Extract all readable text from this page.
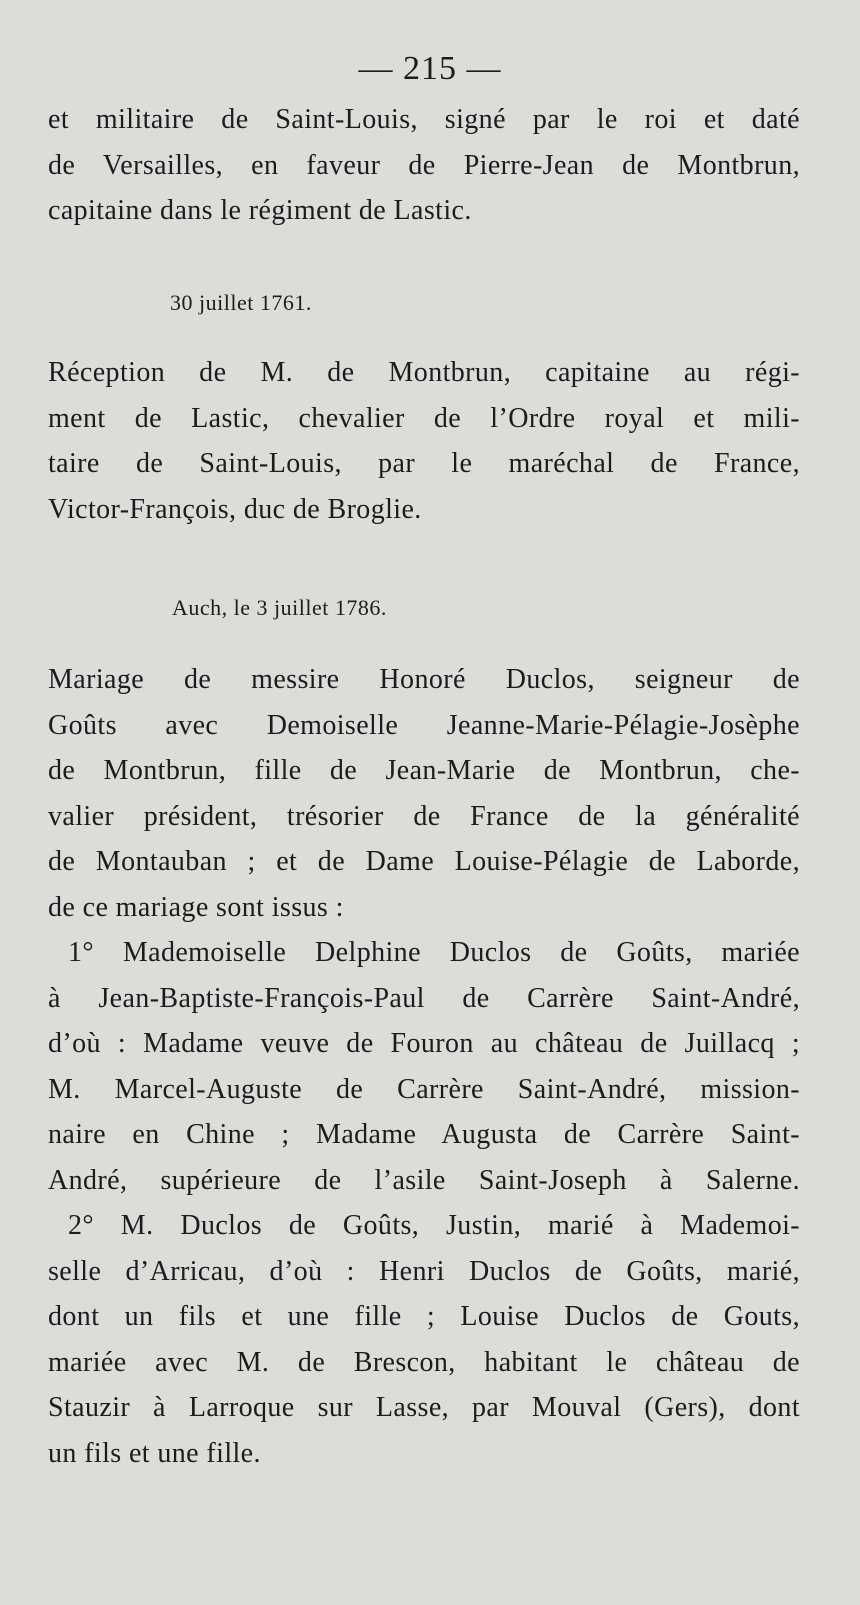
— 215 —
et militaire de Saint-Louis, signé par le roi et daté
de Versailles, en faveur de Pierre-Jean de Montbrun,
capitaine dans le régiment de Lastic.
30 juillet 1761.
Réception de M. de Montbrun, capitaine au régi-
ment de Lastic, chevalier de l’Ordre royal et mili-
taire de Saint-Louis, par le maréchal de France,
Victor-François, duc de Broglie.
Auch, le 3 juillet 1786.
Mariage de messire Honoré Duclos, seigneur de
Goûts avec Demoiselle Jeanne-Marie-Pélagie-Josèphe
de Montbrun, fille de Jean-Marie de Montbrun, che-
valier président, trésorier de France de la généralité
de Montauban ; et de Dame Louise-Pélagie de Laborde,
de ce mariage sont issus :
1° Mademoiselle Delphine Duclos de Goûts, mariée
à Jean-Baptiste-François-Paul de Carrère Saint-André,
d’où : Madame veuve de Fouron au château de Juillacq ;
M. Marcel-Auguste de Carrère Saint-André, mission-
naire en Chine ; Madame Augusta de Carrère Saint-
André, supérieure de l’asile Saint-Joseph à Salerne.
2° M. Duclos de Goûts, Justin, marié à Mademoi-
selle d’Arricau, d’où : Henri Duclos de Goûts, marié,
dont un fils et une fille ; Louise Duclos de Gouts,
mariée avec M. de Brescon, habitant le château de
Stauzir à Larroque sur Lasse, par Mouval (Gers), dont
un fils et une fille.
